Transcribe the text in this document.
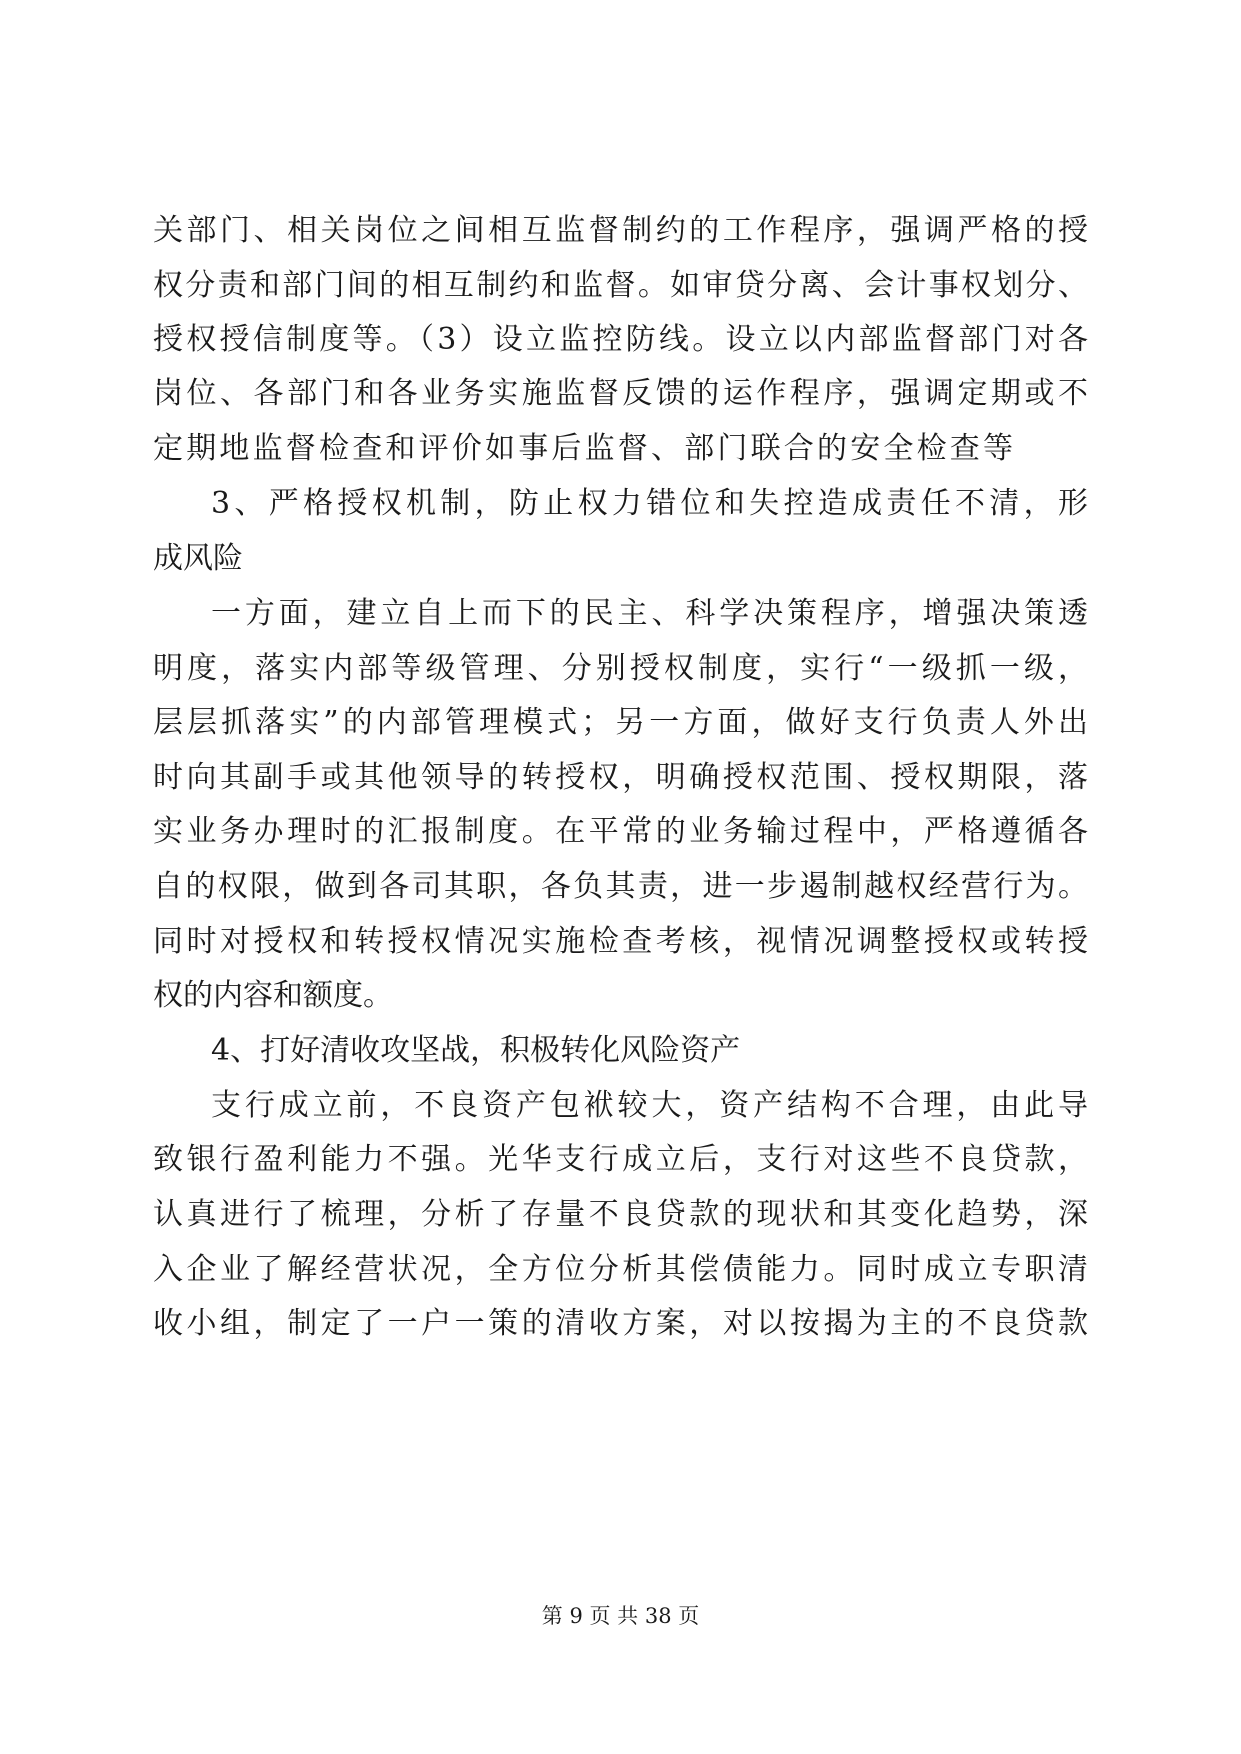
关部门、相关岗位之间相互监督制约的工作程序，强调严格的授
权分责和部门间的相互制约和监督。如审贷分离、会计事权划分、
授权授信制度等。（3）设立监控防线。设立以内部监督部门对各
岗位、各部门和各业务实施监督反馈的运作程序，强调定期或不
定期地监督检查和评价如事后监督、部门联合的安全检查等
3、严格授权机制，防止权力错位和失控造成责任不清，形
成风险
一方面，建立自上而下的民主、科学决策程序，增强决策透
明度，落实内部等级管理、分别授权制度，实行“一级抓一级，
层层抓落实”的内部管理模式；另一方面，做好支行负责人外出
时向其副手或其他领导的转授权，明确授权范围、授权期限，落
实业务办理时的汇报制度。在平常的业务输过程中，严格遵循各
自的权限，做到各司其职，各负其责，进一步遏制越权经营行为。
同时对授权和转授权情况实施检查考核，视情况调整授权或转授
权的内容和额度。
4、打好清收攻坚战，积极转化风险资产
支行成立前，不良资产包袱较大，资产结构不合理，由此导
致银行盈利能力不强。光华支行成立后，支行对这些不良贷款，
认真进行了梳理，分析了存量不良贷款的现状和其变化趋势，深
入企业了解经营状况，全方位分析其偿债能力。同时成立专职清
收小组，制定了一户一策的清收方案，对以按揭为主的不良贷款
第 9 页 共 38 页
